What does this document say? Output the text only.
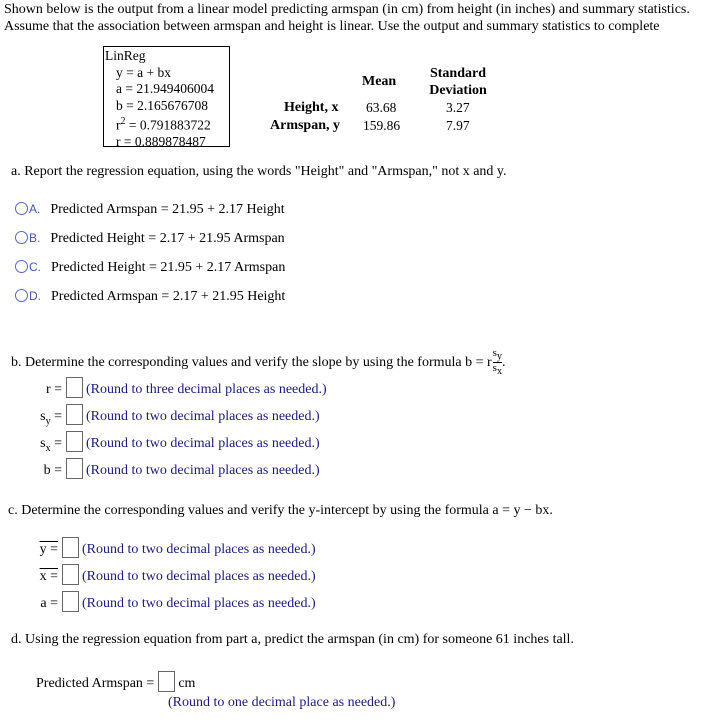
Shown below is the output from a linear model predicting armspan (in cm) from height (in inches) and summary statistics.
Assume that the association between armspan and height is linear. Use the output and summary statistics to complete
LinReg
y = a + bx
a = 21.949406004
b = 2.165676708
$r^2 = 0.791883722$
r = 0.889878487
Mean
Standard
Deviation
Height, x 63.68	3.27
Armspan, y 159.86	7.97
a. Report the regression equation, using the words "Height" and "Armspan," not x and y.
A. Predicted Armspan = 21.95 + 2.17 Height
B. Predicted Height = 2.17 + 21.95 Armspan
C. Predicted Height = 21.95 + 2.17 Armspan
D. Predicted Armspan = 2.17 + 21.95 Height
b. Determine the corresponding values and verify the slope by using the formula b = r $\frac{s_y}{s_x}$ .
r = (Round to three decimal places as needed.)
$s_y$ = (Round to two decimal places as needed.)
$s_x$ = (Round to two decimal places as needed.)
b = (Round to two decimal places as needed.)
c. Determine the corresponding values and verify the y-intercept by using the formula a = y − bx.
y = (Round to two decimal places as needed.)
x = (Round to two decimal places as needed.)
a = (Round to two decimal places as needed.)
d. Using the regression equation from part a, predict the armspan (in cm) for someone 61 inches tall.
Predicted Armspan = cm
(Round to one decimal place as needed.)
